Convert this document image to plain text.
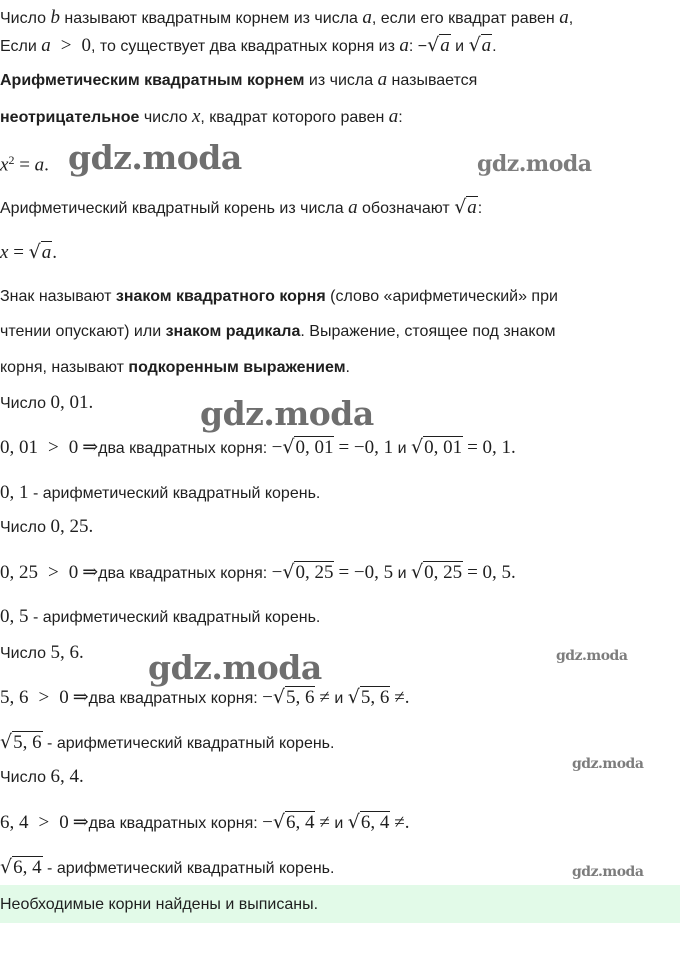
Число b называют квадратным корнем из числа a, если его квадрат равен a,
Если a > 0, то существует два квадратных корня из a: −√a и √a.
Арифметическим квадратным корнем из числа a называется
неотрицательное число x, квадрат которого равен a:
$x^2 = a$.
Арифметический квадратный корень из числа a обозначают √a:
x = √a.
Знак называют знаком квадратного корня (слово «арифметический» при
чтении опускают) или знаком радикала. Выражение, стоящее под знаком
корня, называют подкоренным выражением.
Число 0, 01.
0, 01 > 0 ⇒два квадратных корня: −√0, 01 = −0, 1 и √0, 01 = 0, 1.
0, 1 - арифметический квадратный корень.
Число 0, 25.
0, 25 > 0 ⇒два квадратных корня: −√0, 25 = −0, 5 и √0, 25 = 0, 5.
0, 5 - арифметический квадратный корень.
Число 5, 6.
5, 6 > 0 ⇒два квадратных корня: −√5, 6 ≠ и √5, 6 ≠.
√5, 6 - арифметический квадратный корень.
Число 6, 4.
6, 4 > 0 ⇒два квадратных корня: −√6, 4 ≠ и √6, 4 ≠.
√6, 4 - арифметический квадратный корень.
Необходимые корни найдены и выписаны.
gdz.moda	gdz.moda
gdz.moda
gdz.moda	gdz.moda
gdz.moda
gdz.moda
